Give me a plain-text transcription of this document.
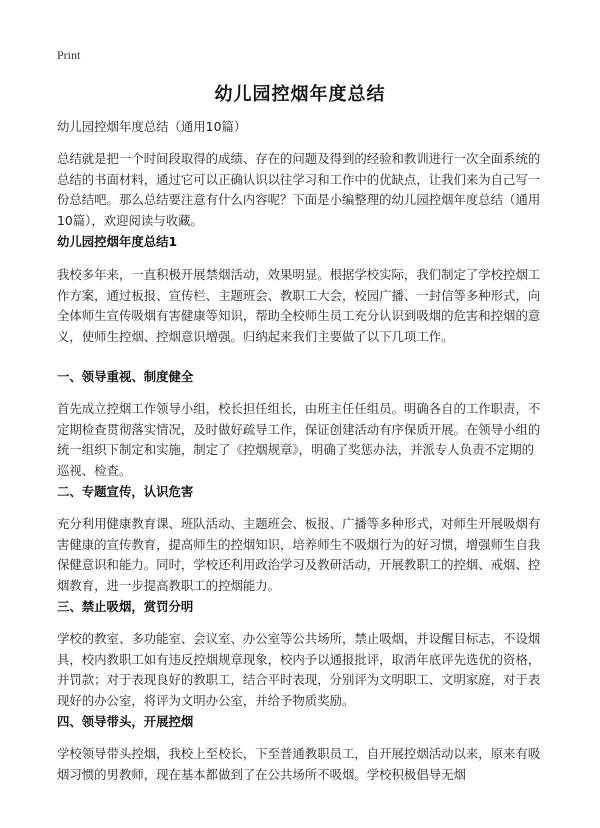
Print
幼儿园控烟年度总结

幼儿园控烟年度总结（通用10篇）

总结就是把一个时间段取得的成绩、存在的问题及得到的经验和教训进行一次全面系统的总结的书面材料，通过它可以正确认识以往学习和工作中的优缺点，让我们来为自己写一份总结吧。那么总结要注意有什么内容呢？下面是小编整理的幼儿园控烟年度总结（通用10篇），欢迎阅读与收藏。

幼儿园控烟年度总结1

我校多年来，一直积极开展禁烟活动，效果明显。根据学校实际，我们制定了学校控烟工作方案，通过板报、宣传栏、主题班会、教职工大会，校园广播、一封信等多种形式，向全体师生宣传吸烟有害健康等知识，帮助全校师生员工充分认识到吸烟的危害和控烟的意义，使师生控烟、控烟意识增强。归纳起来我们主要做了以下几项工作。

一、领导重视、制度健全

首先成立控烟工作领导小组，校长担任组长，由班主任任组员。明确各自的工作职责，不定期检查贯彻落实情况，及时做好疏导工作，保证创建活动有序保质开展。在领导小组的统一组织下制定和实施，制定了《控烟规章》，明确了奖惩办法，并派专人负责不定期的巡视、检查。

二、专题宣传，认识危害

充分利用健康教育课、班队活动、主题班会、板报、广播等多种形式，对师生开展吸烟有害健康的宣传教育，提高师生的控烟知识，培养师生不吸烟行为的好习惯，增强师生自我保健意识和能力。同时，学校还利用政治学习及教研活动，开展教职工的控烟、戒烟、控烟教育，进一步提高教职工的控烟能力。

三、禁止吸烟，赏罚分明

学校的教室、多功能室、会议室、办公室等公共场所，禁止吸烟，并设醒目标志，不设烟具，校内教职工如有违反控烟规章现象，校内予以通报批评，取消年底评先选优的资格，并罚款；对于表现良好的教职工，结合平时表现，分别评为文明职工、文明家庭，对于表现好的办公室，将评为文明办公室，并给予物质奖励。

四、领导带头，开展控烟

学校领导带头控烟，我校上至校长，下至普通教职员工，自开展控烟活动以来，原来有吸烟习惯的男教师，现在基本都做到了在公共场所不吸烟。学校积极倡导无烟
